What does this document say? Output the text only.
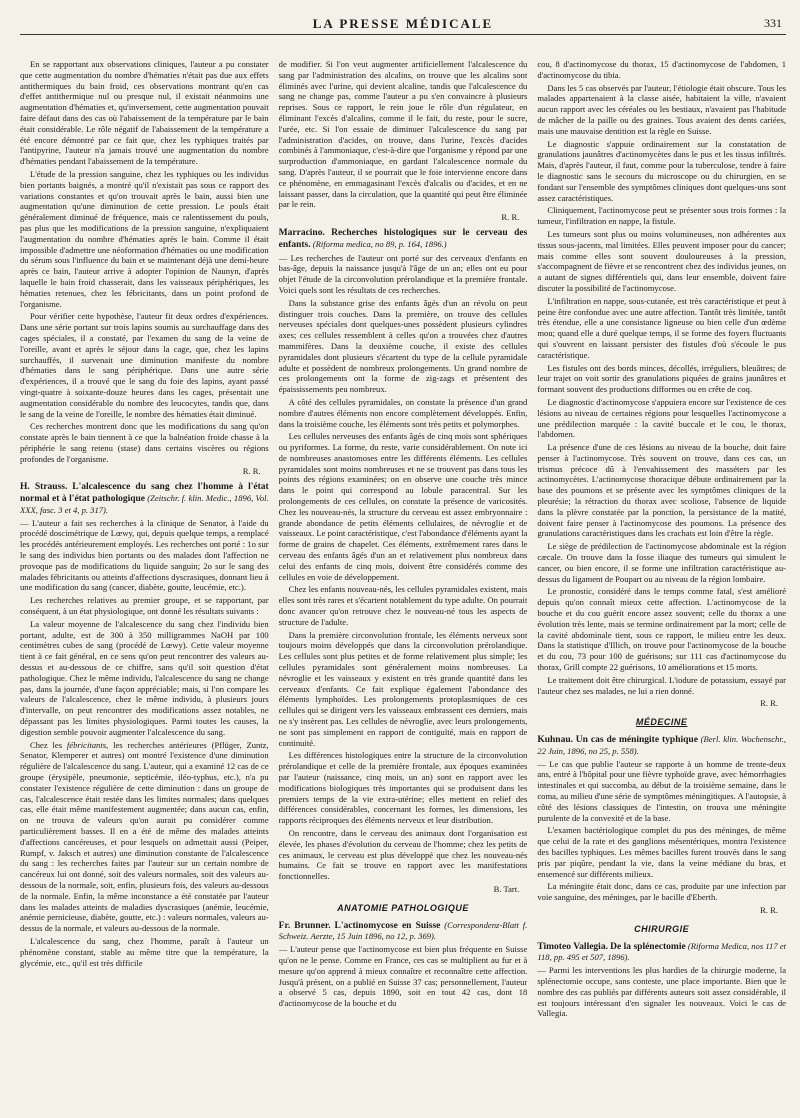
LA PRESSE MÉDICALE	331

En se rapportant aux observations cliniques, l'auteur a pu constater que cette augmentation du nombre d'hématies n'était pas due aux effets antithermiques du bain froid, ces observations montrant qu'en cas d'effet antithermique nul ou presque nul, il existait néanmoins une augmentation d'hématies et, qu'inversement, cette augmentation pouvait faire défaut dans des cas où l'abaissement de la température par le bain était considérable. Le rôle négatif de l'abaissement de la température a été encore démontré par ce fait que, chez les typhiques traités par l'antipyrine, l'auteur n'a jamais trouvé une augmentation du nombre d'hématies pendant l'abaissement de la température.

L'étude de la pression sanguine, chez les typhiques ou les individus bien portants baignés, a montré qu'il n'existait pas sous ce rapport des variations constantes et qu'on trouvait après le bain, aussi bien une augmentation qu'une diminution de cette pression. Le pouls était généralement diminué de fréquence, mais ce ralentissement du pouls, pas plus que les modifications de la pression sanguine, n'expliquaient l'augmentation du nombre d'hématies après le bain. Comme il était impossible d'admettre une néoformation d'hématies ou une modification du sérum sous l'influence du bain et se maintenant déjà une demi-heure après ce bain, l'auteur arrive à adopter l'opinion de Naunyn, d'après laquelle le bain froid chasserait, dans les vaisseaux périphériques, les hématies retenues, chez les fébricitants, dans un point profond de l'organisme.

Pour vérifier cette hypothèse, l'auteur fit deux ordres d'expériences. Dans une série portant sur trois lapins soumis au surchauffage dans des cages spéciales, il a constaté, par l'examen du sang de la veine de l'oreille, avant et après le séjour dans la cage, que, chez les lapins surchauffés, il survenait une diminution manifeste du nombre d'hématies dans le sang périphérique. Dans une autre série d'expériences, il a trouvé que le sang du foie des lapins, ayant passé vingt-quatre à soixante-douze heures dans les cages, présentait une augmentation considérable du nombre des leucocytes, tandis que, dans le sang de la veine de l'oreille, le nombre des hématies était diminué.

Ces recherches montrent donc que les modifications du sang qu'on constate après le bain tiennent à ce que la balnéation froide chasse à la périphérie le sang retenu (stase) dans certains viscères ou régions profondes de l'organisme.

R. R.

H. Strauss. L'alcalescence du sang chez l'homme à l'état normal et à l'état pathologique (Zeitschr. f. klin. Medic., 1896, Vol. XXX, fasc. 3 et 4, p. 317).

— L'auteur a fait ses recherches à la clinique de Senator, à l'aide du procédé doscimétrique de Lœwy, qui, depuis quelque temps, a remplacé les procédés antérieurement employés. Les recherches ont porté : 1o sur le sang des individus bien portants ou des malades dont l'affection ne provoque pas de modifications du liquide sanguin; 2o sur le sang des malades fébricitants ou atteints d'affections dyscrasiques, donnant lieu à une modification du sang (cancer, diabète, goutte, leucémie, etc.).

Les recherches relatives au premier groupe, et se rapportant, par conséquent, à un état physiologique, ont donné les résultats suivants :

La valeur moyenne de l'alcalescence du sang chez l'individu bien portant, adulte, est de 300 à 350 milligrammes NaOH par 100 centimètres cubes de sang (procédé de Lœwy). Cette valeur moyenne tient à ce fait général, en ce sens qu'on peut rencontrer des valeurs au-dessus et au-dessous de ce chiffre, sans qu'il soit question d'état pathologique. Chez le même individu, l'alcalescence du sang ne change pas, dans la journée, d'une façon appréciable; mais, si l'on compare les valeurs de l'alcalescence, chez le même individu, à plusieurs jours d'intervalle, on peut rencontrer des modifications assez notables, ne dépassant pas les limites physiologiques. Parmi toutes les causes, la digestion semble pouvoir augmenter l'alcalescence du sang.

Chez les fébricitants, les recherches antérieures (Pflüger, Zuntz, Senator, Klemperer et autres) ont montré l'existence d'une diminution régulière de l'alcalescence du sang. L'auteur, qui a examiné 12 cas de ce groupe (érysipèle, pneumonie, septicémie, iléo-typhus, etc.), n'a pu constater l'existence régulière de cette diminution : dans un groupe de cas, l'alcalescence était restée dans les limites normales; dans quelques cas, elle était même manifestement augmentée; dans aucun cas, enfin, on ne trouva de valeurs qu'on aurait pu considérer comme particulièrement basses. Il en a été de même des malades atteints d'affections cancéreuses, et pour lesquels on admettait aussi (Peiper, Rumpf, v. Jaksch et autres) une diminution constante de l'alcalescence du sang : les recherches faites par l'auteur sur un certain nombre de cancéreux lui ont donné, soit des valeurs normales, soit des valeurs au-dessous de la normale, soit, enfin, plusieurs fois, des valeurs au-dessous de la normale. Enfin, la même inconstance a été constatée par l'auteur dans les malades atteints de maladies dyscrasiques (anémie, leucémie, anémie pernicieuse, diabète, goutte, etc.) : valeurs normales, valeurs au-dessus de la normale, et valeurs au-dessous de la normale.

L'alcalescence du sang, chez l'homme, paraît à l'auteur un phénomène constant, stable au même titre que la température, la glycémie, etc., qu'il est très difficile

de modifier. Si l'on veut augmenter artificiellement l'alcalescence du sang par l'administration des alcalins, on trouve que les alcalins sont éliminés avec l'urine, qui devient alcaline, tandis que l'alcalescence du sang ne change pas, comme l'auteur a pu s'en convaincre à plusieurs reprises. Sous ce rapport, le rein joue le rôle d'un régulateur, en éliminant l'excès d'alcalins, comme il le fait, du reste, pour le sucre, l'urée, etc. Si l'on essaie de diminuer l'alcalescence du sang par l'administration d'acides, on trouve, dans l'urine, l'excès d'acides combinés à l'ammoniaque, c'est-à-dire que l'organisme y répond par une surproduction d'ammoniaque, en gardant l'alcalescence normale du sang. D'après l'auteur, il se pourrait que le foie intervienne encore dans ce phénomène, en emmagasinant l'excès d'alcalis ou d'acides, et en ne laissant passer, dans la circulation, que la quantité qui peut être éliminée par le rein.

R. R.

Marracino. Recherches histologiques sur le cerveau des enfants. (Riforma medica, no 89, p. 164, 1896.)

— Les recherches de l'auteur ont porté sur des cerveaux d'enfants en bas-âge, depuis la naissance jusqu'à l'âge de un an; elles ont eu pour objet l'étude de la circonvolution prérolandique et la première frontale. Voici quels sont les résultats de ces recherches.

Dans la substance grise des enfants âgés d'un an révolu on peut distinguer trois couches. Dans la première, on trouve des cellules nerveuses spéciales dont quelques-unes possèdent plusieurs cylindres axes; ces cellules ressemblent à celles qu'on a trouvées chez d'autres mammifères. Dans la deuxième couche, il existe des cellules pyramidales dont plusieurs s'écartent du type de la cellule pyramidale adulte et possèdent de nombreux prolongements. Un grand nombre de ces prolongements ont la forme de zig-zags et présentent des épaississements peu nombreux.

A côté des cellules pyramidales, on constate la présence d'un grand nombre d'autres éléments non encore complètement développés. Enfin, dans la troisième couche, les éléments sont très petits et polymorphes.

Les cellules nerveuses des enfants âgés de cinq mois sont sphériques ou pyriformes. La forme, du reste, varie considérablement. On note ici de nombreuses anastomoses entre les différents éléments. Les cellules pyramidales sont moins nombreuses et ne se trouvent pas dans tous les points des régions examinées; on en observe une couche très mince dans le point qui correspond au lobule paracentral. Sur les prolongements de ces cellules, on constate la présence de varicosités. Chez les nouveau-nés, la structure du cerveau est assez embryonnaire : grande abondance de petits éléments cellulaires, de névroglie et de vaisseaux. Le point caractéristique, c'est l'abondance d'éléments ayant la forme de grains de chapelet. Ces éléments, extrêmement rares dans le cerveau des enfants âgés d'un an et relativement plus nombreux dans celui des enfants de cinq mois, doivent être considérés comme des cellules en voie de développement.

Chez les enfants nouveau-nés, les cellules pyramidales existent, mais elles sont très rares et s'écartent notablement du type adulte. On pourrait donc avancer qu'on retrouve chez le nouveau-né tous les aspects de structure de l'adulte.

Dans la première circonvolution frontale, les éléments nerveux sont toujours moins développés que dans la circonvolution prérolandique. Les cellules sont plus petites et de forme relativement plus simple; les cellules pyramidales sont généralement moins nombreuses. La névroglie et les vaisseaux y existent en très grande quantité dans les cerveaux d'enfants. Ce fait explique également l'abondance des éléments lymphoïdes. Les prolongements protoplasmiques de ces cellules qui se dirigent vers les vaisseaux embrassent ces derniers, mais ne s'y insèrent pas. Les cellules de névroglie, avec leurs prolongements, ne sont pas simplement en rapport de contiguïté, mais en rapport de continuité.

Les différences histologiques entre la structure de la circonvolution prérolandique et celle de la première frontale, aux époques examinées par l'auteur (naissance, cinq mois, un an) sont en rapport avec les modifications biologiques très importantes qui se produisent dans les premiers temps de la vie extra-utérine; elles mettent en relief des différences considérables, concernant les formes, les dimensions, les rapports réciproques des éléments nerveux et leur distribution.

On rencontre, dans le cerveau des animaux dont l'organisation est élevée, les phases d'évolution du cerveau de l'homme; chez les petits de ces animaux, le cerveau est plus développé que chez les nouveau-nés humains. Ce fait se trouve en rapport avec les manifestations fonctionnelles.

B. Tart.
ANATOMIE PATHOLOGIQUE

Fr. Brunner. L'actinomycose en Suisse (Correspondenz-Blatt f. Schweiz. Aerzte, 15 Juin 1896, no 12, p. 369).

— L'auteur pense que l'actinomycose est bien plus fréquente en Suisse qu'on ne le pense. Comme en France, ces cas se multiplient au fur et à mesure qu'on apprend à mieux connaître et reconnaître cette affection. Jusqu'à présent, on a publié en Suisse 37 cas; personnellement, l'auteur a observé 5 cas, depuis 1890, soit en tout 42 cas, dont 18 d'actinomycose de la bouche et du

cou, 8 d'actinomycose du thorax, 15 d'actinomycose de l'abdomen, 1 d'actinomycose du tibia.

Dans les 5 cas observés par l'auteur, l'étiologie était obscure. Tous les malades appartenaient à la classe aisée, habitaient la ville, n'avaient aucun rapport avec les céréales ou les bestiaux, n'avaient pas l'habitude de mâcher de la paille ou des graines. Tous avaient des dents cariées, mais une mauvaise dentition est la règle en Suisse.

Le diagnostic s'appuie ordinairement sur la constatation de granulations jaunâtres d'actinomycètes dans le pus et les tissus infiltrés. Mais, d'après l'auteur, il faut, comme pour la tuberculose, tendre à faire le diagnostic sans le secours du microscope ou du chirurgien, en se fondant sur l'ensemble des symptômes cliniques dont quelques-uns sont assez caractéristiques.

Cliniquement, l'actinomycose peut se présenter sous trois formes : la tumeur, l'infiltration en nappe, la fistule.

Les tumeurs sont plus ou moins volumineuses, non adhérentes aux tissus sous-jacents, mal limitées. Elles peuvent imposer pour du cancer; mais comme elles sont souvent douloureuses à la pression, s'accompagnent de fièvre et se rencontrent chez des individus jeunes, on a autant de signes différentiels qui, dans leur ensemble, doivent faire discuter la possibilité de l'actinomycose.

L'infiltration en nappe, sous-cutanée, est très caractéristique et peut à peine être confondue avec une autre affection. Tantôt très limitée, tantôt très étendue, elle a une consistance ligneuse ou bien celle d'un œdème mou; quand elle a duré quelque temps, il se forme des foyers fluctuants qui s'ouvrent en laissant persister des fistules d'où s'écoule le pus caractéristique.

Les fistules ont des bords minces, décollés, irréguliers, bleuâtres; de leur trajet on voit sortir des granulations piquées de grains jaunâtres et formant souvent des productions difformes ou en crête de coq.

Le diagnostic d'actinomycose s'appuiera encore sur l'existence de ces lésions au niveau de certaines régions pour lesquelles l'actinomycose a une prédilection marquée : la cavité buccale et le cou, le thorax, l'abdomen.

La présence d'une de ces lésions au niveau de la bouche, doit faire penser à l'actinomycose. Très souvent on trouve, dans ces cas, un trismus précoce dû à l'envahissement des masséters par les actinomycètes. L'actinomycose thoracique débute ordinairement par la base des poumons et se présente avec les symptômes cliniques de la pleurésie; la rétraction du thorax avec scoliose, l'absence de liquide dans la plèvre constatée par la ponction, la persistance de la matité, doivent faire penser à l'actinomycose des poumons. La présence des granulations caractéristiques dans les crachats est loin d'être la règle.

Le siège de prédilection de l'actinomycose abdominale est la région cæcale. On trouve dans la fosse iliaque des tumeurs qui simulent le cancer, ou bien encore, il se forme une infiltration caractéristique au-dessus du ligament de Poupart ou au niveau de la région lombaire.

Le pronostic, considéré dans le temps comme fatal, s'est amélioré depuis qu'on connaît mieux cette affection. L'actinomycose de la bouche et du cou guérit encore assez souvent; celle du thorax a une évolution très lente, mais se termine ordinairement par la mort; celle de la cavité abdominale tient, sous ce rapport, le milieu entre les deux. Dans la statistique d'Illich, on trouve pour l'actinomycose de la bouche et du cou, 73 pour 100 de guérisons; sur 111 cas d'actinomycose du thorax, Grill compte 22 guérisons, 10 améliorations et 15 morts.

Le traitement doit être chirurgical. L'iodure de potassium, essayé par l'auteur chez ses malades, ne lui a rien donné.

R. R.
MÉDECINE

Kuhnau. Un cas de méningite typhique (Berl. klin. Wochenschr., 22 Juin, 1896, no 25, p. 558).

— Le cas que publie l'auteur se rapporte à un homme de trente-deux ans, entré à l'hôpital pour une fièvre typhoïde grave, avec hémorrhagies intestinales et qui succomba, au début de la troisième semaine, dans le coma, au milieu d'une série de symptômes méningitiques. A l'autopsie, à côté des lésions classiques de l'intestin, on trouva une méningite purulente de la convexité et de la base.

L'examen bactériologique complet du pus des méninges, de même que celui de la rate et des ganglions mésentériques, montra l'existence des bacilles typhiques. Les mêmes bacilles furent trouvés dans le sang pris par piqûre, pendant la vie, dans la veine médiane du bras, et ensemencé sur différents milieux.

La méningite était donc, dans ce cas, produite par une infection par voie sanguine, des méninges, par le bacille d'Eberth.

R. R.
CHIRURGIE

Timoteo Vallegia. De la splénectomie (Riforma Medica, nos 117 et 118, pp. 495 et 507, 1896).

— Parmi les interventions les plus hardies de la chirurgie moderne, la splénectomie occupe, sans conteste, une place importante. Bien que le nombre des cas publiés par différents auteurs soit assez considérable, il est toujours intéressant d'en signaler les nouveaux. Voici le cas de Vallegia.
